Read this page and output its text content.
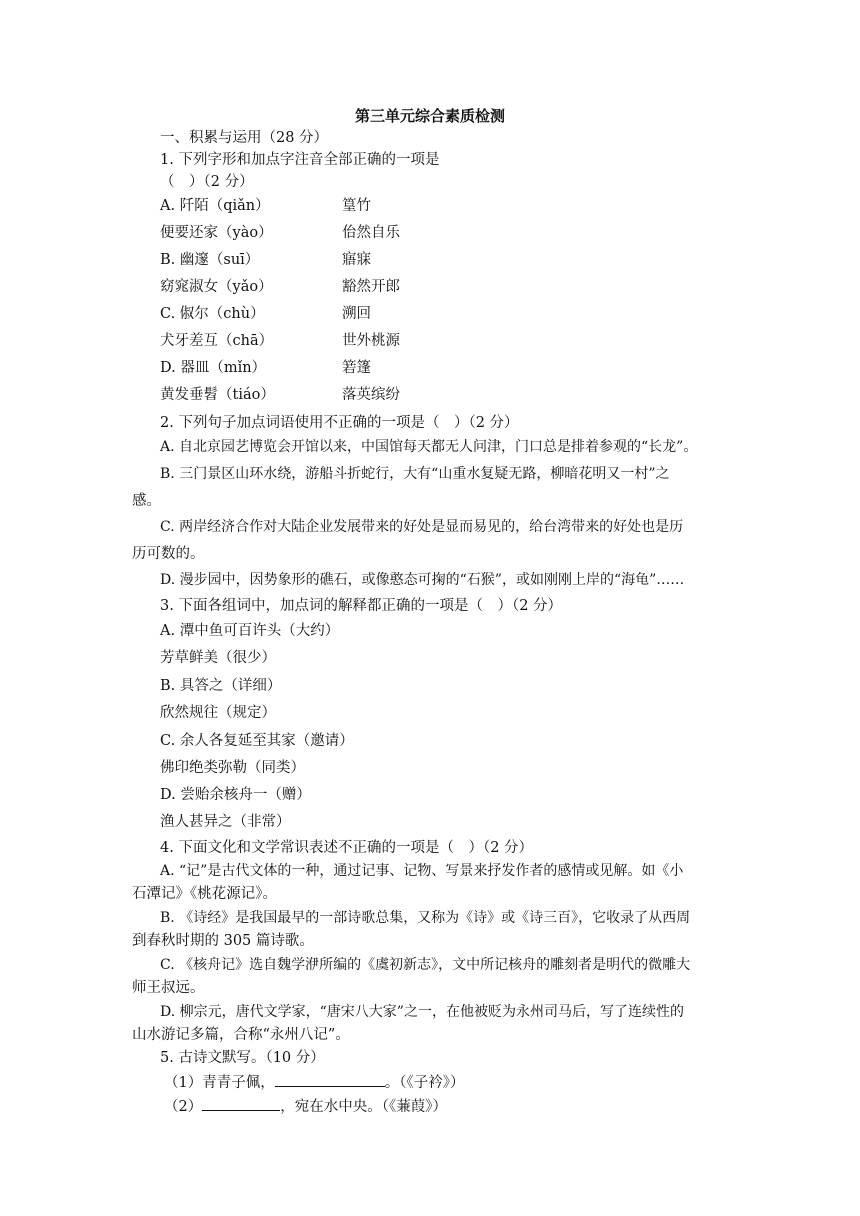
第三单元综合素质检测
一、积累与运用（28 分）
1. 下列字形和加点字注音全部正确的一项是
（　）（2 分）
A. 阡陌（qiǎn）	篁竹
便要还家（yào）	佁然自乐
B. 幽邃（suī）	寤寐
窈窕淑女（yǎo）	豁然开郎
C. 俶尔（chù）	溯回
犬牙差互（chā）	世外桃源
D. 器皿（mǐn）	箬篷
黄发垂髫（tiáo）	落英缤纷
2. 下列句子加点词语使用不正确的一项是（　）（2 分）
A. 自北京园艺博览会开馆以来，中国馆每天都无人问津，门口总是排着参观的“长龙”。
B. 三门景区山环水绕，游船斗折蛇行，大有“山重水复疑无路，柳暗花明又一村”之
感。
C. 两岸经济合作对大陆企业发展带来的好处是显而易见的，给台湾带来的好处也是历
历可数的。
D. 漫步园中，因势象形的礁石，或像憨态可掬的“石猴”，或如刚刚上岸的“海龟”……
3. 下面各组词中，加点词的解释都正确的一项是（　）（2 分）
A. 潭中鱼可百许头（大约）
芳草鲜美（很少）
B. 具答之（详细）
欣然规往（规定）
C. 余人各复延至其家（邀请）
佛印绝类弥勒（同类）
D. 尝贻余核舟一（赠）
渔人甚异之（非常）
4. 下面文化和文学常识表述不正确的一项是（　）（2 分）
A. “记”是古代文体的一种，通过记事、记物、写景来抒发作者的感情或见解。如《小
石潭记》《桃花源记》。
B. 《诗经》是我国最早的一部诗歌总集，又称为《诗》或《诗三百》，它收录了从西周
到春秋时期的 305 篇诗歌。
C. 《核舟记》选自魏学洢所编的《虞初新志》，文中所记核舟的雕刻者是明代的微雕大
师王叔远。
D. 柳宗元，唐代文学家，“唐宋八大家”之一，在他被贬为永州司马后，写了连续性的
山水游记多篇，合称“永州八记”。
5. 古诗文默写。（10 分）
（1）青青子佩，	。（《子衿》）
（2）	，宛在水中央。（《蒹葭》）
